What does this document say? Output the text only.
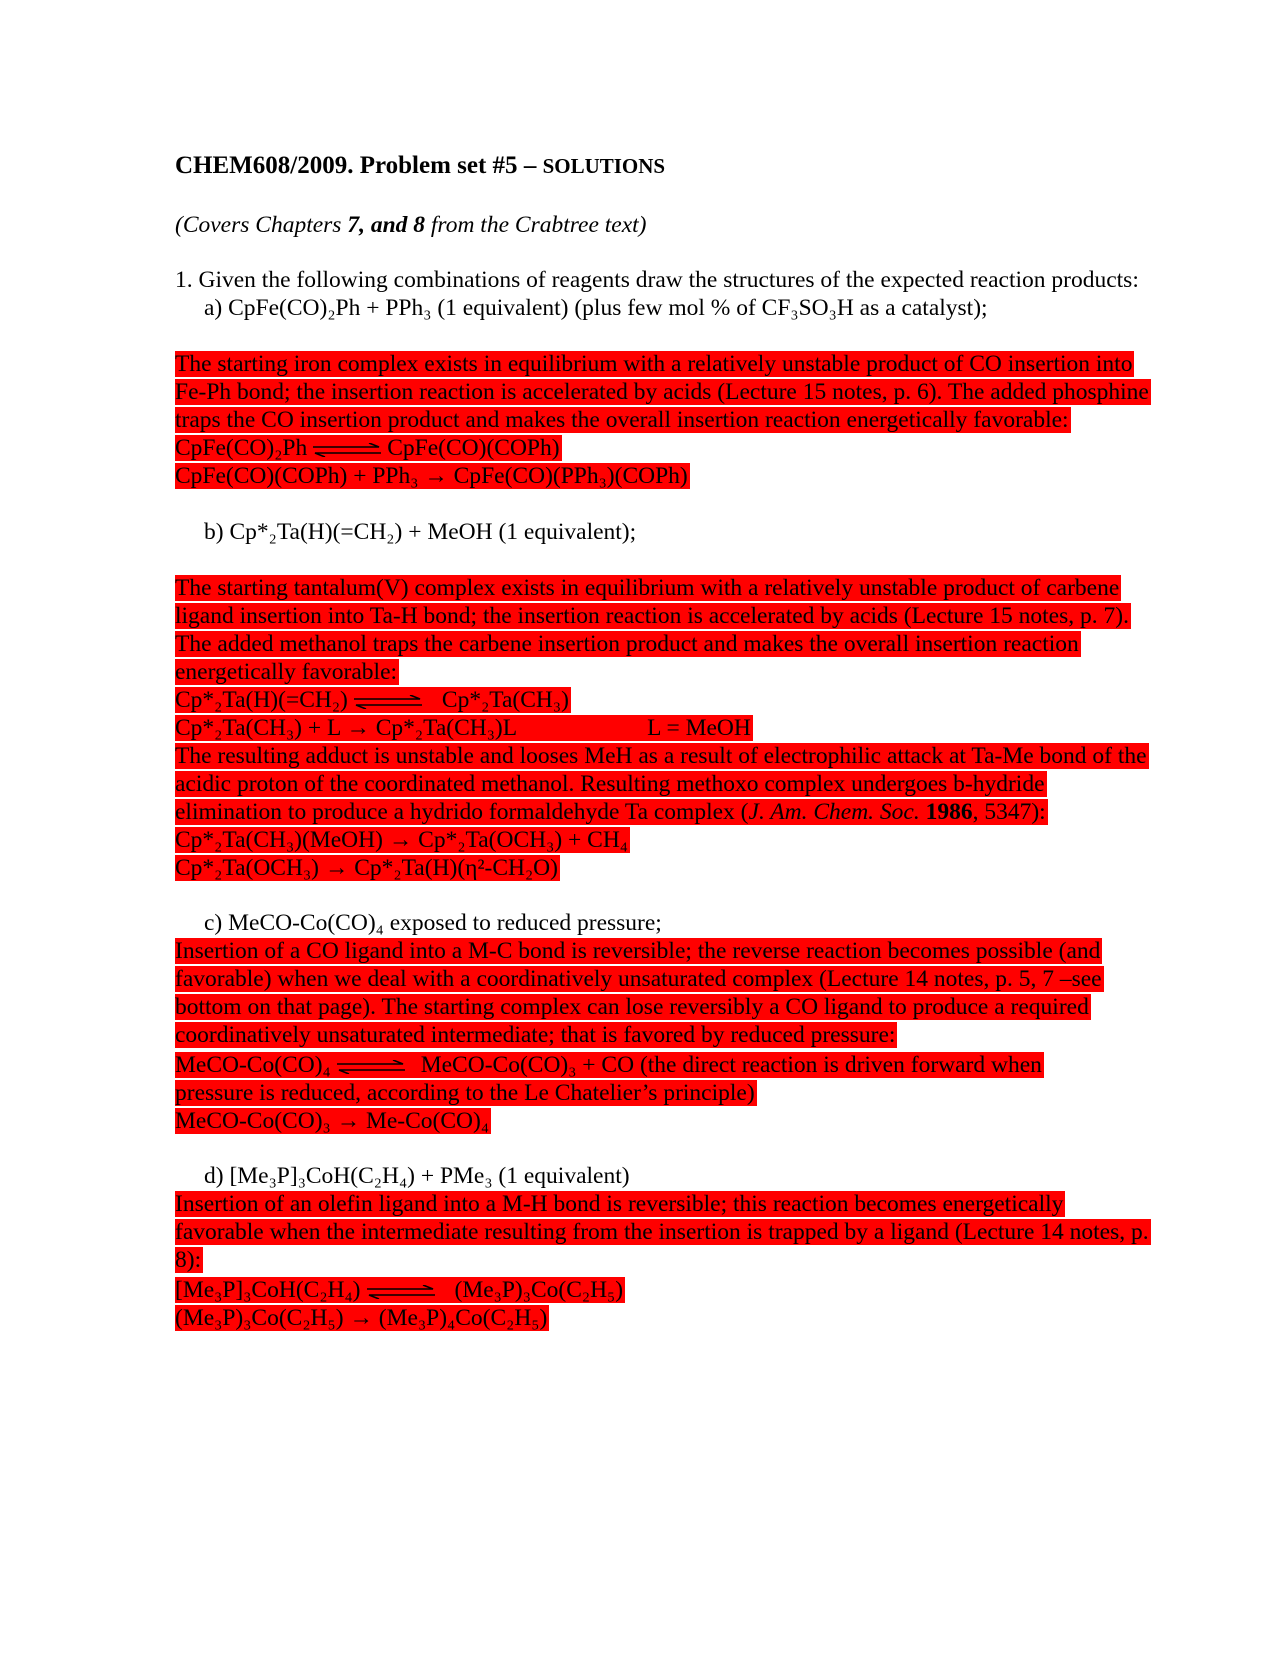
CHEM608/2009. Problem set #5 – SOLUTIONS
(Covers Chapters 7, and 8 from the Crabtree text)
1. Given the following combinations of reagents draw the structures of the expected reaction products:
a) CpFe(CO)₂Ph + PPh₃ (1 equivalent) (plus few mol % of CF₃SO₃H as a catalyst);
The starting iron complex exists in equilibrium with a relatively unstable product of CO insertion into
Fe-Ph bond; the insertion reaction is accelerated by acids (Lecture 15 notes, p. 6). The added phosphine
traps the CO insertion product and makes the overall insertion reaction energetically favorable:
CpFe(CO)₂Ph ⇌ CpFe(CO)(COPh)
CpFe(CO)(COPh) + PPh₃ → CpFe(CO)(PPh₃)(COPh)
b) Cp*₂Ta(H)(=CH₂) + MeOH (1 equivalent);
The starting tantalum(V) complex exists in equilibrium with a relatively unstable product of carbene
ligand insertion into Ta-H bond; the insertion reaction is accelerated by acids (Lecture 15 notes, p. 7).
The added methanol traps the carbene insertion product and makes the overall insertion reaction
energetically favorable:
Cp*₂Ta(H)(=CH₂) ⇌ Cp*₂Ta(CH₃)
Cp*₂Ta(CH₃) + L → Cp*₂Ta(CH₃)L	L = MeOH
The resulting adduct is unstable and looses MeH as a result of electrophilic attack at Ta-Me bond of the
acidic proton of the coordinated methanol. Resulting methoxo complex undergoes b-hydride
elimination to produce a hydrido formaldehyde Ta complex (J. Am. Chem. Soc. 1986, 5347):
Cp*₂Ta(CH₃)(MeOH) → Cp*₂Ta(OCH₃) + CH₄
Cp*₂Ta(OCH₃) → Cp*₂Ta(H)(η²-CH₂O)
c) MeCO-Co(CO)₄ exposed to reduced pressure;
Insertion of a CO ligand into a M-C bond is reversible; the reverse reaction becomes possible (and
favorable) when we deal with a coordinatively unsaturated complex (Lecture 14 notes, p. 5, 7 –see
bottom on that page). The starting complex can lose reversibly a CO ligand to produce a required
coordinatively unsaturated intermediate; that is favored by reduced pressure:
MeCO-Co(CO)₄ ⇌ MeCO-Co(CO)₃ + CO (the direct reaction is driven forward when
pressure is reduced, according to the Le Chatelier’s principle)
MeCO-Co(CO)₃ → Me-Co(CO)₄
d) [Me₃P]₃CoH(C₂H₄) + PMe₃ (1 equivalent)
Insertion of an olefin ligand into a M-H bond is reversible; this reaction becomes energetically
favorable when the intermediate resulting from the insertion is trapped by a ligand (Lecture 14 notes, p.
8):
[Me₃P]₃CoH(C₂H₄) ⇌ (Me₃P)₃Co(C₂H₅)
(Me₃P)₃Co(C₂H₅) → (Me₃P)₄Co(C₂H₅)
